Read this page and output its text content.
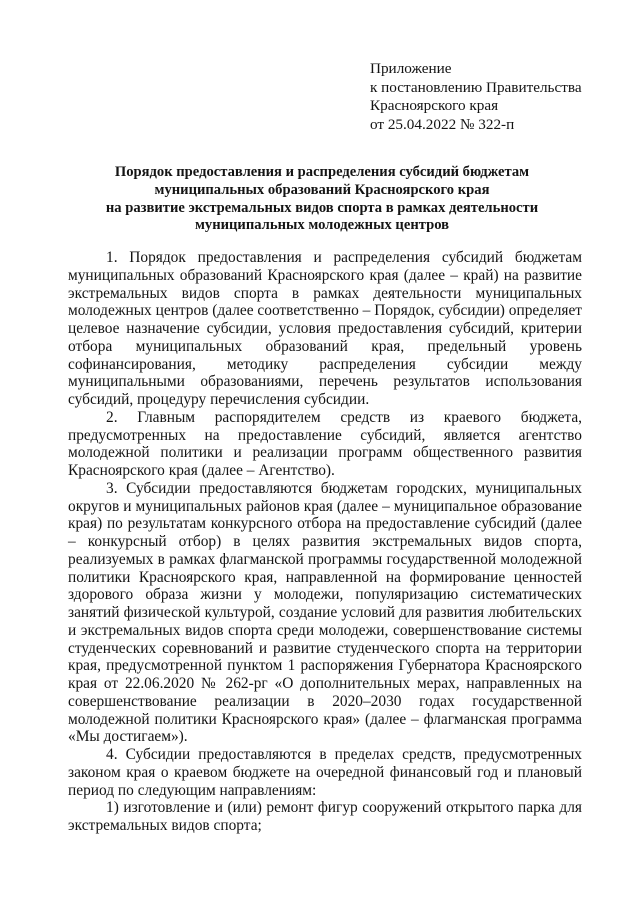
Приложение
к постановлению Правительства
Красноярского края
от 25.04.2022 № 322-п
Порядок предоставления и распределения субсидий бюджетам
муниципальных образований Красноярского края
на развитие экстремальных видов спорта в рамках деятельности
муниципальных молодежных центров

1. Порядок предоставления и распределения субсидий бюджетам муниципальных образований Красноярского края (далее – край) на развитие экстремальных видов спорта в рамках деятельности муниципальных молодежных центров (далее соответственно – Порядок, субсидии) определяет целевое назначение субсидии, условия предоставления субсидий, критерии отбора муниципальных образований края, предельный уровень софинансирования, методику распределения субсидии между муниципальными образованиями, перечень результатов использования субсидий, процедуру перечисления субсидии.

2. Главным распорядителем средств из краевого бюджета, предусмотренных на предоставление субсидий, является агентство молодежной политики и реализации программ общественного развития Красноярского края (далее – Агентство).

3. Субсидии предоставляются бюджетам городских, муниципальных округов и муниципальных районов края (далее – муниципальное образование края) по результатам конкурсного отбора на предоставление субсидий (далее – конкурсный отбор) в целях развития экстремальных видов спорта, реализуемых в рамках флагманской программы государственной молодежной политики Красноярского края, направленной на формирование ценностей здорового образа жизни у молодежи, популяризацию систематических занятий физической культурой, создание условий для развития любительских и экстремальных видов спорта среди молодежи, совершенствование системы студенческих соревнований и развитие студенческого спорта на территории края, предусмотренной пунктом 1 распоряжения Губернатора Красноярского края от 22.06.2020 № 262-рг «О дополнительных мерах, направленных на совершенствование реализации в 2020–2030 годах государственной молодежной политики Красноярского края» (далее – флагманская программа «Мы достигаем»).

4. Субсидии предоставляются в пределах средств, предусмотренных законом края о краевом бюджете на очередной финансовый год и плановый период по следующим направлениям:

1) изготовление и (или) ремонт фигур сооружений открытого парка для экстремальных видов спорта;
